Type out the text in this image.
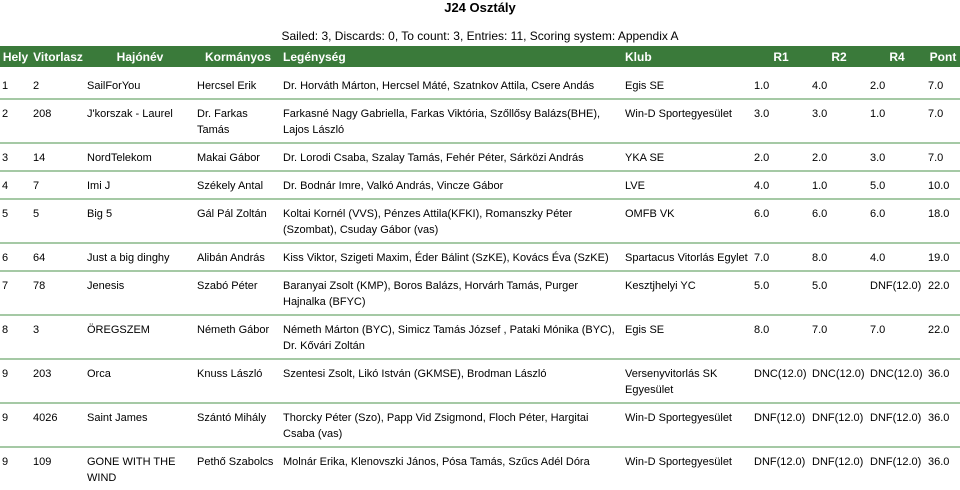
J24 Osztály
Sailed: 3, Discards: 0, To count: 3, Entries: 11, Scoring system: Appendix A
Hely	Vitorlasz	Hajónév	Kormányos	Legénység	Klub	R1	R2	R4	Pont

1	2	SailForYou	Hercsel Erik	Dr. Horváth Márton, Hercsel Máté, Szatnkov Attila, Csere Andás	Egis SE	1.0	4.0	2.0	7.0

2	208	J'korszak - Laurel	Dr. Farkas Tamás	Farkasné Nagy Gabriella, Farkas Viktória, Szőllősy Balázs(BHE), Lajos László	Win-D Sportegyesület	3.0	3.0	1.0	7.0

3	14	NordTelekom	Makai Gábor	Dr. Lorodi Csaba, Szalay Tamás, Fehér Péter, Sárközi András	YKA SE	2.0	2.0	3.0	7.0

4	7	Imi J	Székely Antal	Dr. Bodnár Imre, Valkó András, Vincze Gábor	LVE	4.0	1.0	5.0	10.0

5	5	Big 5	Gál Pál Zoltán	Koltai Kornél (VVS), Pénzes Attila(KFKI), Romanszky Péter (Szombat), Csuday Gábor (vas)	OMFB VK	6.0	6.0	6.0	18.0

6	64	Just a big dinghy	Alibán András	Kiss Viktor, Szigeti Maxim, Éder Bálint (SzKE), Kovács Éva (SzKE)	Spartacus Vitorlás Egylet	7.0	8.0	4.0	19.0

7	78	Jenesis	Szabó Péter	Baranyai Zsolt (KMP), Boros Balázs, Horvárh Tamás, Purger Hajnalka (BFYC)	Kesztjhelyi YC	5.0	5.0	DNF(12.0)	22.0

8	3	ÖREGSZEM	Németh Gábor	Németh Márton (BYC), Simicz Tamás József , Pataki Mónika (BYC), Dr. Kővári Zoltán	Egis SE	8.0	7.0	7.0	22.0

9	203	Orca	Knuss László	Szentesi Zsolt, Likó István (GKMSE), Brodman László	Versenyvitorlás SK Egyesület	DNC(12.0)	DNC(12.0)	DNC(12.0)	36.0

9	4026	Saint James	Szántó Mihály	Thorcky Péter (Szo), Papp Vid Zsigmond, Floch Péter, Hargitai Csaba (vas)	Win-D Sportegyesület	DNF(12.0)	DNF(12.0)	DNF(12.0)	36.0

9	109	GONE WITH THE WIND	Pethő Szabolcs	Molnár Erika, Klenovszki János, Pósa Tamás, Szűcs Adél Dóra	Win-D Sportegyesület	DNF(12.0)	DNF(12.0)	DNF(12.0)	36.0
